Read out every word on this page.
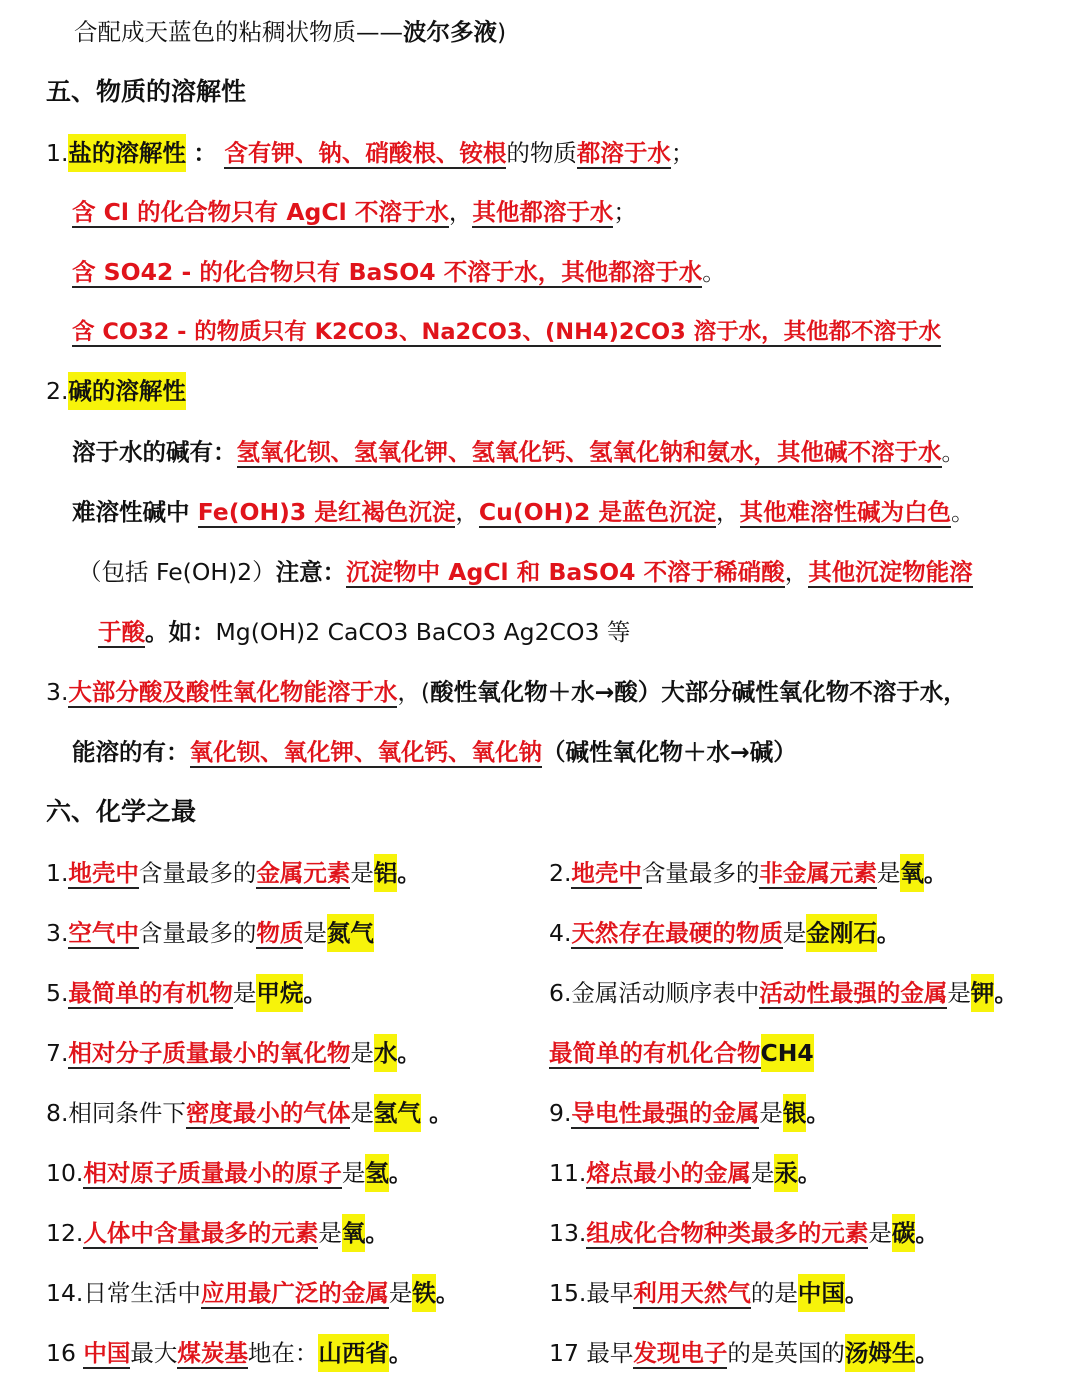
合配成天蓝色的粘稠状物质——波尔多液)
五、物质的溶解性
1.盐的溶解性 ： 含有钾、钠、硝酸根、铵根的物质都溶于水；
含 Cl 的化合物只有 AgCl 不溶于水，其他都溶于水；
含 SO42 - 的化合物只有 BaSO4 不溶于水，其他都溶于水。
含 CO32 - 的物质只有 K2CO3、Na2CO3、(NH4)2CO3 溶于水，其他都不溶于水
2.碱的溶解性
溶于水的碱有：氢氧化钡、氢氧化钾、氢氧化钙、氢氧化钠和氨水，其他碱不溶于水。
难溶性碱中 Fe(OH)3 是红褐色沉淀，Cu(OH)2 是蓝色沉淀，其他难溶性碱为白色。
（包括 Fe(OH)2）注意：沉淀物中 AgCl 和 BaSO4 不溶于稀硝酸，其他沉淀物能溶
于酸。如：Mg(OH)2 CaCO3 BaCO3 Ag2CO3 等
3.大部分酸及酸性氧化物能溶于水，(酸性氧化物＋水→酸）大部分碱性氧化物不溶于水，
能溶的有：氧化钡、氧化钾、氧化钙、氧化钠（碱性氧化物＋水→碱）
六、化学之最
1.地壳中含量最多的金属元素是铝。	2.地壳中含量最多的非金属元素是氧。
3.空气中含量最多的物质是氮气	4.天然存在最硬的物质是金刚石。
5.最简单的有机物是甲烷。	6.金属活动顺序表中活动性最强的金属是钾。
7.相对分子质量最小的氧化物是水。	最简单的有机化合物CH4
8.相同条件下密度最小的气体是氢气 。	9.导电性最强的金属是银。
10.相对原子质量最小的原子是氢。	11.熔点最小的金属是汞。
12.人体中含量最多的元素是氧。	13.组成化合物种类最多的元素是碳。
14.日常生活中应用最广泛的金属是铁。	15.最早利用天然气的是中国。
16 中国最大煤炭基地在：山西省。	17 最早发现电子的是英国的汤姆生。
